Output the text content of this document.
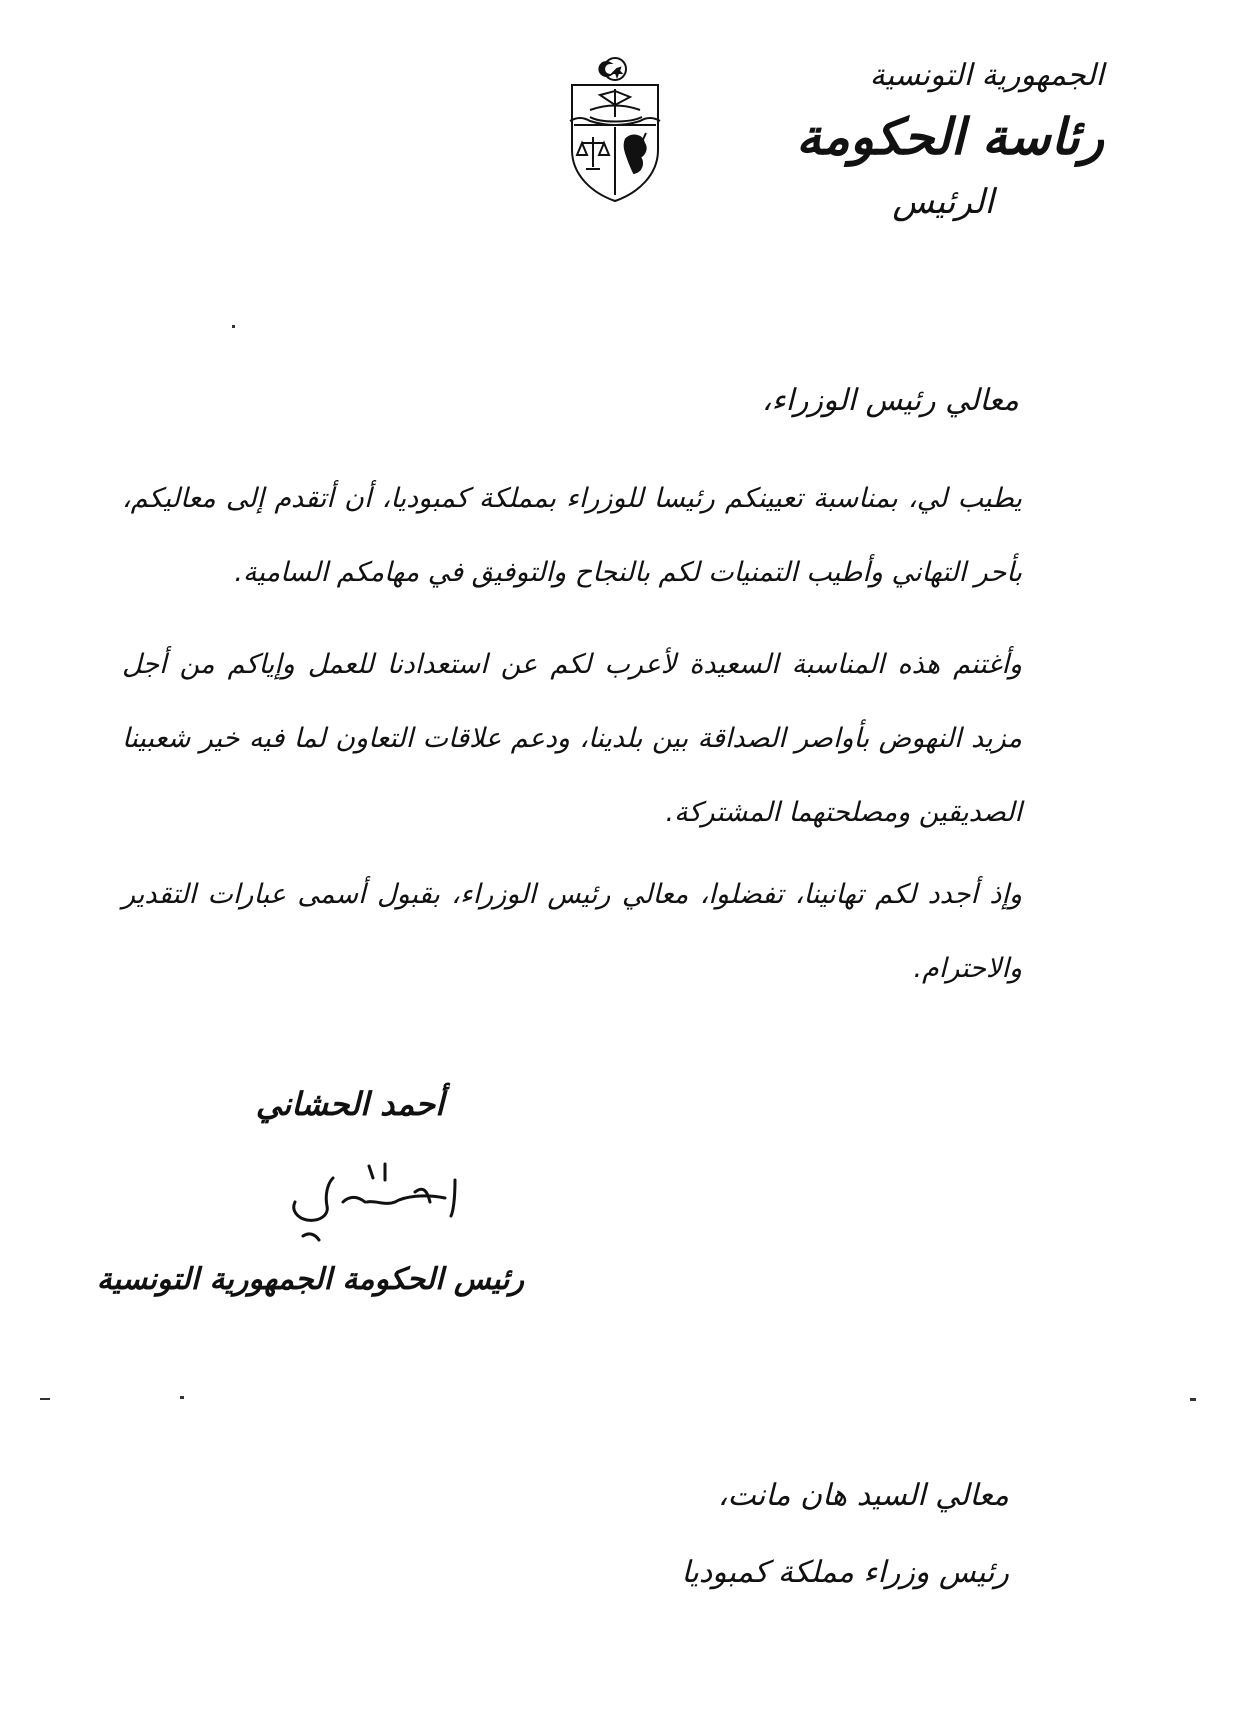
الجمهورية التونسية
رئاسة الحكومة
الرئيس
معالي رئيس الوزراء،
يطيب لي، بمناسبة تعيينكم رئيسا للوزراء بمملكة كمبوديا، أن أتقدم إلى معاليكم، بأحر التهاني وأطيب التمنيات لكم بالنجاح والتوفيق في مهامكم السامية.
وأغتنم هذه المناسبة السعيدة لأعرب لكم عن استعدادنا للعمل وإياكم من أجل مزيد النهوض بأواصر الصداقة بين بلدينا، ودعم علاقات التعاون لما فيه خير شعبينا الصديقين ومصلحتهما المشتركة.
وإذ أجدد لكم تهانينا، تفضلوا، معالي رئيس الوزراء، بقبول أسمى عبارات التقدير والاحترام.
أحمد الحشاني
الحشاني
رئيس الحكومة الجمهورية التونسية
معالي السيد هان مانت،
رئيس وزراء مملكة كمبوديا
